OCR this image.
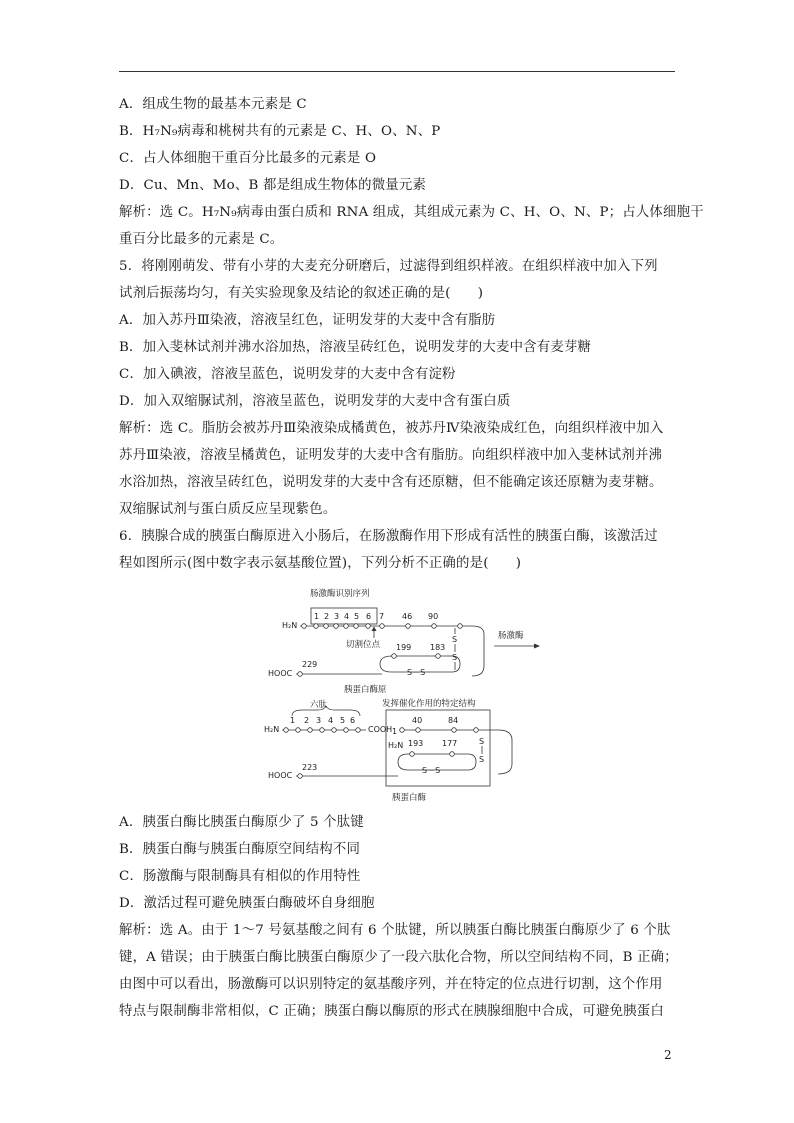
A．组成生物的最基本元素是 C
B．H₇N₉病毒和桃树共有的元素是 C、H、O、N、P
C．占人体细胞干重百分比最多的元素是 O
D．Cu、Mn、Mo、B 都是组成生物体的微量元素
解析：选 C。H₇N₉病毒由蛋白质和 RNA 组成，其组成元素为 C、H、O、N、P；占人体细胞干
重百分比最多的元素是 C。
5．将刚刚萌发、带有小芽的大麦充分研磨后，过滤得到组织样液。在组织样液中加入下列
试剂后振荡均匀，有关实验现象及结论的叙述正确的是(　　)
A．加入苏丹Ⅲ染液，溶液呈红色，证明发芽的大麦中含有脂肪
B．加入斐林试剂并沸水浴加热，溶液呈砖红色，说明发芽的大麦中含有麦芽糖
C．加入碘液，溶液呈蓝色，说明发芽的大麦中含有淀粉
D．加入双缩脲试剂，溶液呈蓝色，说明发芽的大麦中含有蛋白质
解析：选 C。脂肪会被苏丹Ⅲ染液染成橘黄色，被苏丹Ⅳ染液染成红色，向组织样液中加入
苏丹Ⅲ染液，溶液呈橘黄色，证明发芽的大麦中含有脂肪。向组织样液中加入斐林试剂并沸
水浴加热，溶液呈砖红色，说明发芽的大麦中含有还原糖，但不能确定该还原糖为麦芽糖。
双缩脲试剂与蛋白质反应呈现紫色。
6．胰腺合成的胰蛋白酶原进入小肠后，在肠激酶作用下形成有活性的胰蛋白酶，该激活过
程如图所示(图中数字表示氨基酸位置)，下列分析不正确的是(　　)
肠激酶识别序列
H₂N
1 2 3 4 5 6 7 46 90
切割位点
S
S
199 183
S－S
HOOC
229
肠激酶
胰蛋白酶原
六肽
H₂N
1 2 3 4 5 6
COOH
发挥催化作用的特定结构
1
40	84
H₂N 193 177
S－S
S
S
HOOC
223
胰蛋白酶
A．胰蛋白酶比胰蛋白酶原少了 5 个肽键
B．胰蛋白酶与胰蛋白酶原空间结构不同
C．肠激酶与限制酶具有相似的作用特性
D．激活过程可避免胰蛋白酶破坏自身细胞
解析：选 A。由于 1～7 号氨基酸之间有 6 个肽键，所以胰蛋白酶比胰蛋白酶原少了 6 个肽
键，A 错误；由于胰蛋白酶比胰蛋白酶原少了一段六肽化合物，所以空间结构不同，B 正确；
由图中可以看出，肠激酶可以识别特定的氨基酸序列，并在特定的位点进行切割，这个作用
特点与限制酶非常相似，C 正确；胰蛋白酶以酶原的形式在胰腺细胞中合成，可避免胰蛋白
2
